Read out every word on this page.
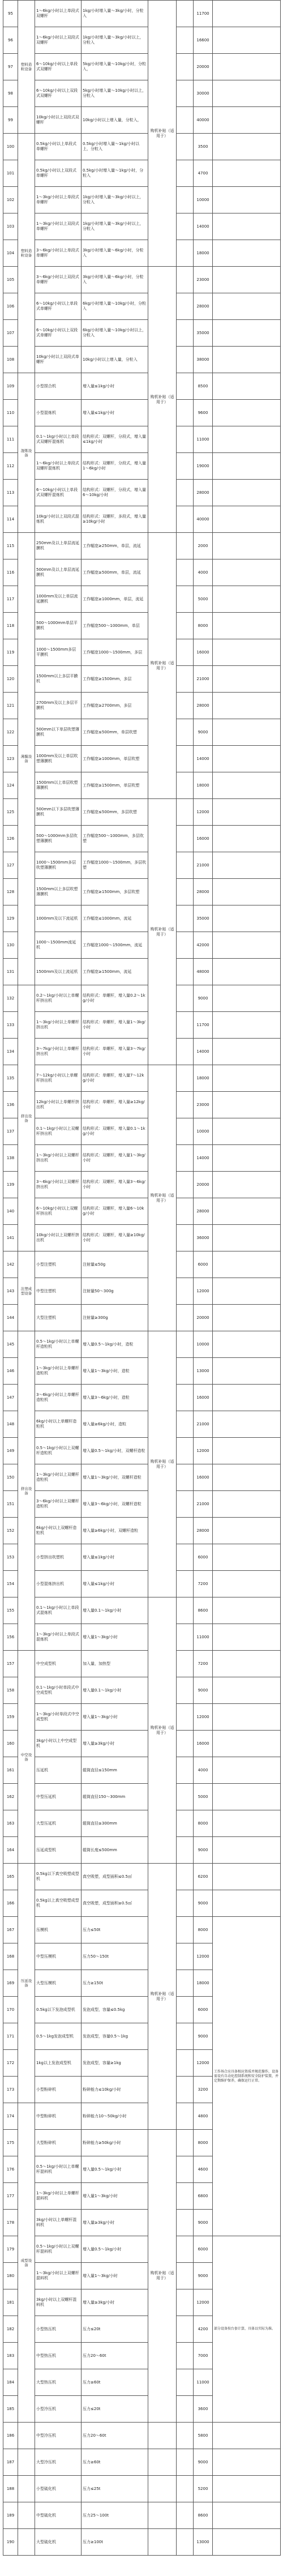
95	塑料造粒设备	1～6kg/小时以上单段式双螺杆	1kg/小时增入量～3kg/小时，分粒入	购机补贴（适用于）		11700	
96		1～6kg/小时以上双段式双螺杆	1kg/小时增入量～3kg/小时以上，分粒入			16600	
97		6～10kg/小时以上单段式双螺杆	5kg/小时增入量～10kg/小时，分粒入，			20000	
98		6～10kg/小时以上双段式双螺杆	5kg/小时增入量～10kg/小时以上，分粒入			30000	
99		10kg/小时以上双段式双螺杆	10kg/小时以上增入量，分粒入，			40000	
100	塑料造粒设备	0.5kg/小时以上单段式单螺杆	0.5kg/小时增入量～1kg/小时以上，分粒入			3500	
101		0.5kg/小时以上双段式单螺杆	0.5kg/小时增入量～1kg/小时，分粒入			4700	
102		1～3kg/小时以上单段式单螺杆	1kg/小时增入量～3kg/小时以上，分粒入			10000	
103		1～3kg/小时以上双段式单螺杆	1kg/小时增入量～3kg/小时以上，分粒入			14000	
104		3～6kg/小时以上单段式单螺杆	3kg/小时增入量～6kg/小时，分粒入			18000	
105		3～6kg/小时以上双段式单螺杆	3kg/小时增入量～6kg/小时，分粒入	购机补贴（适用于）		23000	
106		6～10kg/小时以上单段式单螺杆	6kg/小时增入量～10kg/小时，分粒入			28000	
107		6～10kg/小时以上双段式单螺杆	6kg/小时增入量～10kg/小时以上，分粒入			35000	
108		10kg/小时以上双段式单螺杆	10kg/小时以上增入量，分粒入			38000	
109	混炼设备	小型捏合机	增入量≤1kg/小时			8500	
110		小型混炼机	增入量≤1kg/小时			9600	
111		0.1～1kg/小时以上单段式双螺杆混炼机	结构形式：双螺杆，分段式，增入量≤1kg/小时			11000	
112		1～6kg/小时以上单段式双螺杆混炼机	结构形式：双螺杆，分段式，增入量1～6kg/小时			19000	
113		6～10kg/小时以上单段式双螺杆混炼机	结构形式：双螺杆，分段式，增入量6～10kg/小时			28000	
114		10kg/小时以上双段式混炼机	结构形式：双螺杆，多段式，增入量≥10kg/小时			40000	
115	薄膜设备	250mm及以上单层流延膜机	工作幅宽≥250mm，单层，流延	购机补贴（适用于）		2000	
116		500mm及以上单层流延膜机	工作幅宽≥500mm，单层，流延			4000	
117		1000mm及以上单层流延膜机	工作幅宽≥1000mm，单层，流延			5000	
118		500～1000mm单层平膜机	工作幅宽500～1000mm，单层			8000	
119		1000～1500mm多层平膜机	工作幅宽1000～1500mm，多层			16000	
120		1500mm以上多层平膜机	工作幅宽≥1500mm，多层			21000	
121		2700mm及以上多层平膜机	工作幅宽≥2700mm，多层			28000	
122		500mm以下单层吹塑薄膜机	工作幅宽≤500mm，单层吹塑			9000	
123		1000mm及以上单层吹塑薄膜机	工作幅宽≥1000mm，单层吹塑			14000	
124		1500mm以上单层吹塑薄膜机	工作幅宽≥1500mm，单层吹塑			18000	
125		500mm以下多层吹塑薄膜机	工作幅宽≤500mm，多层吹塑	购机补贴（适用于）		12000	
126		500～1000mm多层吹塑薄膜机	工作幅宽500～1000mm，多层吹塑			16000	
127		1000～1500mm多层吹塑薄膜机	工作幅宽1000～1500mm，多层吹塑			21000	
128		1500mm以上多层吹塑薄膜机	工作幅宽≥1500mm，多层吹塑			28000	
129		1000mm及以下流延机	工作幅宽≤1000mm，流延			35000	
130		1000～1500mm流延机	工作幅宽1000～1500mm，流延			42000	
131		1500mm及以上流延机	工作幅宽≥1500mm，流延			48000	
132	挤出设备	0.2～1kg/小时以上单螺杆挤出机	结构形式：单螺杆，增入量0.2～1kg/小时			9000	
133		1～3kg/小时以上单螺杆挤出机	结构形式：单螺杆，增入量1～3kg/小时			11700	
134		3～7kg/小时以上单螺杆挤出机	结构形式：单螺杆，增入量3～7kg/小时			14000	
135		7～12kg/小时以上单螺杆挤出机	结构形式：单螺杆，增入量7～12kg/小时	购机补贴（适用于）		18000	
136		12kg/小时以上单螺杆挤出机	结构形式：单螺杆，增入量≥12kg/小时			23000	
137		0.1～1kg/小时以上双螺杆挤出机	结构形式：双螺杆，增入量0.1～1kg/小时			10000	
138		1～3kg/小时以上双螺杆挤出机	结构形式：双螺杆，增入量1～3kg/小时			14000	
139		3～6kg/小时以上双螺杆挤出机	结构形式：双螺杆，增入量3～6kg/小时			20000	
140		6～10kg/小时以上双螺杆挤出机	结构形式：双螺杆，增入量6～10kg/小时			28000	
141		10kg/小时以上双螺杆挤出机	结构形式：双螺杆，增入量≥10kg/小时			36000	
142	注塑成型设备	小型注塑机	注射量≤50g			6000	
143		中型注塑机	注射量50～300g			12000	
144		大型注塑机	注射量≥300g			20000	
145	挤出设备	0.5～1kg/小时以上单螺杆造粒机	增入量0.5～1kg/小时，造粒	购机补贴（适用于）		10000	
146		1～3kg/小时以上单螺杆造粒机	增入量1～3kg/小时，造粒			13000	
147		3～6kg/小时以上单螺杆造粒机	增入量3～6kg/小时，造粒			16000	
148		6kg/小时以上单螺杆造粒机	增入量≥6kg/小时，造粒			21000	
149		0.5～1kg/小时以上双螺杆造粒机	增入量0.5～1kg/小时，双螺杆造粒			12000	
150		1～3kg/小时以上双螺杆造粒机	增入量1～3kg/小时，双螺杆造粒			16000	
151		3～6kg/小时以上双螺杆造粒机	增入量3～6kg/小时，双螺杆造粒			21000	
152		6kg/小时以上双螺杆造粒机	增入量≥6kg/小时，双螺杆造粒			28000	
153		小型挤出吹塑机	增入量≤1kg/小时			6000	
154		小型混炼挤出机	增入量≤1kg/小时			7200	
155		0.1～1kg/小时以上单段式混炼机	增入量0.1～1kg/小时	购机补贴（适用于）		8600	
156		1～3kg/小时以上单段式混炼机	增入量1～3kg/小时			11000	
157	中空设备	中空成型机	加入量，加热型			7200	
158		0.1～1kg/小时单段式中空成型机	增入量0.1～1kg/小时			9000	
159		1～3kg/小时单段式中空成型机	增入量1～3kg/小时			12000	
160		3kg/小时以上中空成型机	增入量≥3kg/小时			16000	
161		压延机	辊筒直径≤150mm			4000	
162		中型压延机	辊筒直径150～300mm			5000	
163		大型压延机	辊筒直径≥300mm			8000	
164		压延成型机	辊筒长度≤500mm			9000	
165	压延设备	0.5kg以下真空吸塑成型机	真空吸塑，成型面积≤0.5㎡	购机补贴（适用于）		6200	
166		0.5kg以上真空吸塑成型机	真空吸塑，成型面积≥0.5㎡			9000	
167		压模机	压力≤50t			8000	工作场合应具备相应资质并规范操作，设备需设有自动化控制系统和安全防护装置，并定期维护保养，确保运行正常。
168		中型压模机	压力50～150t			12000	
169		大型压模机	压力≥150t			18000	
170		0.5kg以下发泡成型机	发泡成型，容量≤0.5kg			6000	
171		0.5～1kg发泡成型机	发泡成型，容量0.5～1kg			9000	
172		1kg以上发泡成型机	发泡成型，容量≥1kg			12000	
173		小型粉碎机	粉碎能力≤10kg/小时			3200	
174	成型设备	中型粉碎机	粉碎能力10～50kg/小时			4800	
175		大型粉碎机	粉碎能力≥50kg/小时	购机补贴（适用于）		8000	
176		0.5～1kg/小时以上单螺杆混料机	增入量0.5～1kg/小时			4600	
177		1～3kg/小时以上单螺杆混料机	增入量1～3kg/小时			6800	
178		3kg/小时以上单螺杆混料机	增入量≥3kg/小时			9000	
179		0.5～1kg/小时以上双螺杆混料机	增入量0.5～1kg/小时			6000	部分设备按台套计算，具体以实际为准。
180		1～3kg/小时以上双螺杆混料机	增入量1～3kg/小时			9000	
181		3kg/小时以上双螺杆混料机	增入量≥3kg/小时			12000	
182		小型热压机	压力≤20t			4200	
183		中型热压机	压力20～60t			7000	
184		大型热压机	压力≥60t			11000	
185		小型冷压机	压力≤20t			3600	
186		中型冷压机	压力20～60t			5800	
187		大型冷压机	压力≥60t			9000	
188		小型硫化机	压力≤25t			5200	
189		中型硫化机	压力25～100t			8600	
190		大型硫化机	压力≥100t			13000	
